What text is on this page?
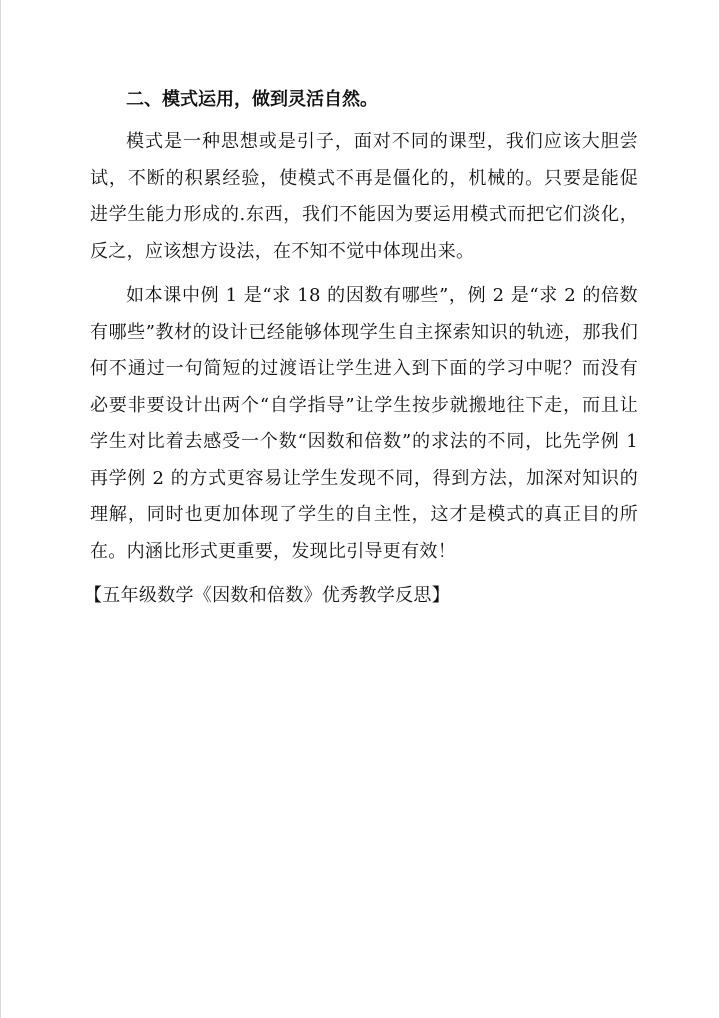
二、模式运用，做到灵活自然。

模式是一种思想或是引子，面对不同的课型，我们应该大胆尝试，不断的积累经验，使模式不再是僵化的，机械的。只要是能促进学生能力形成的.东西，我们不能因为要运用模式而把它们淡化，反之，应该想方设法，在不知不觉中体现出来。

如本课中例 1 是“求 18 的因数有哪些”，例 2 是“求 2 的倍数有哪些”教材的设计已经能够体现学生自主探索知识的轨迹，那我们何不通过一句简短的过渡语让学生进入到下面的学习中呢？而没有必要非要设计出两个“自学指导”让学生按步就搬地往下走，而且让学生对比着去感受一个数“因数和倍数”的求法的不同，比先学例 1 再学例 2 的方式更容易让学生发现不同，得到方法，加深对知识的理解，同时也更加体现了学生的自主性，这才是模式的真正目的所在。内涵比形式更重要，发现比引导更有效！

【五年级数学《因数和倍数》优秀教学反思】
